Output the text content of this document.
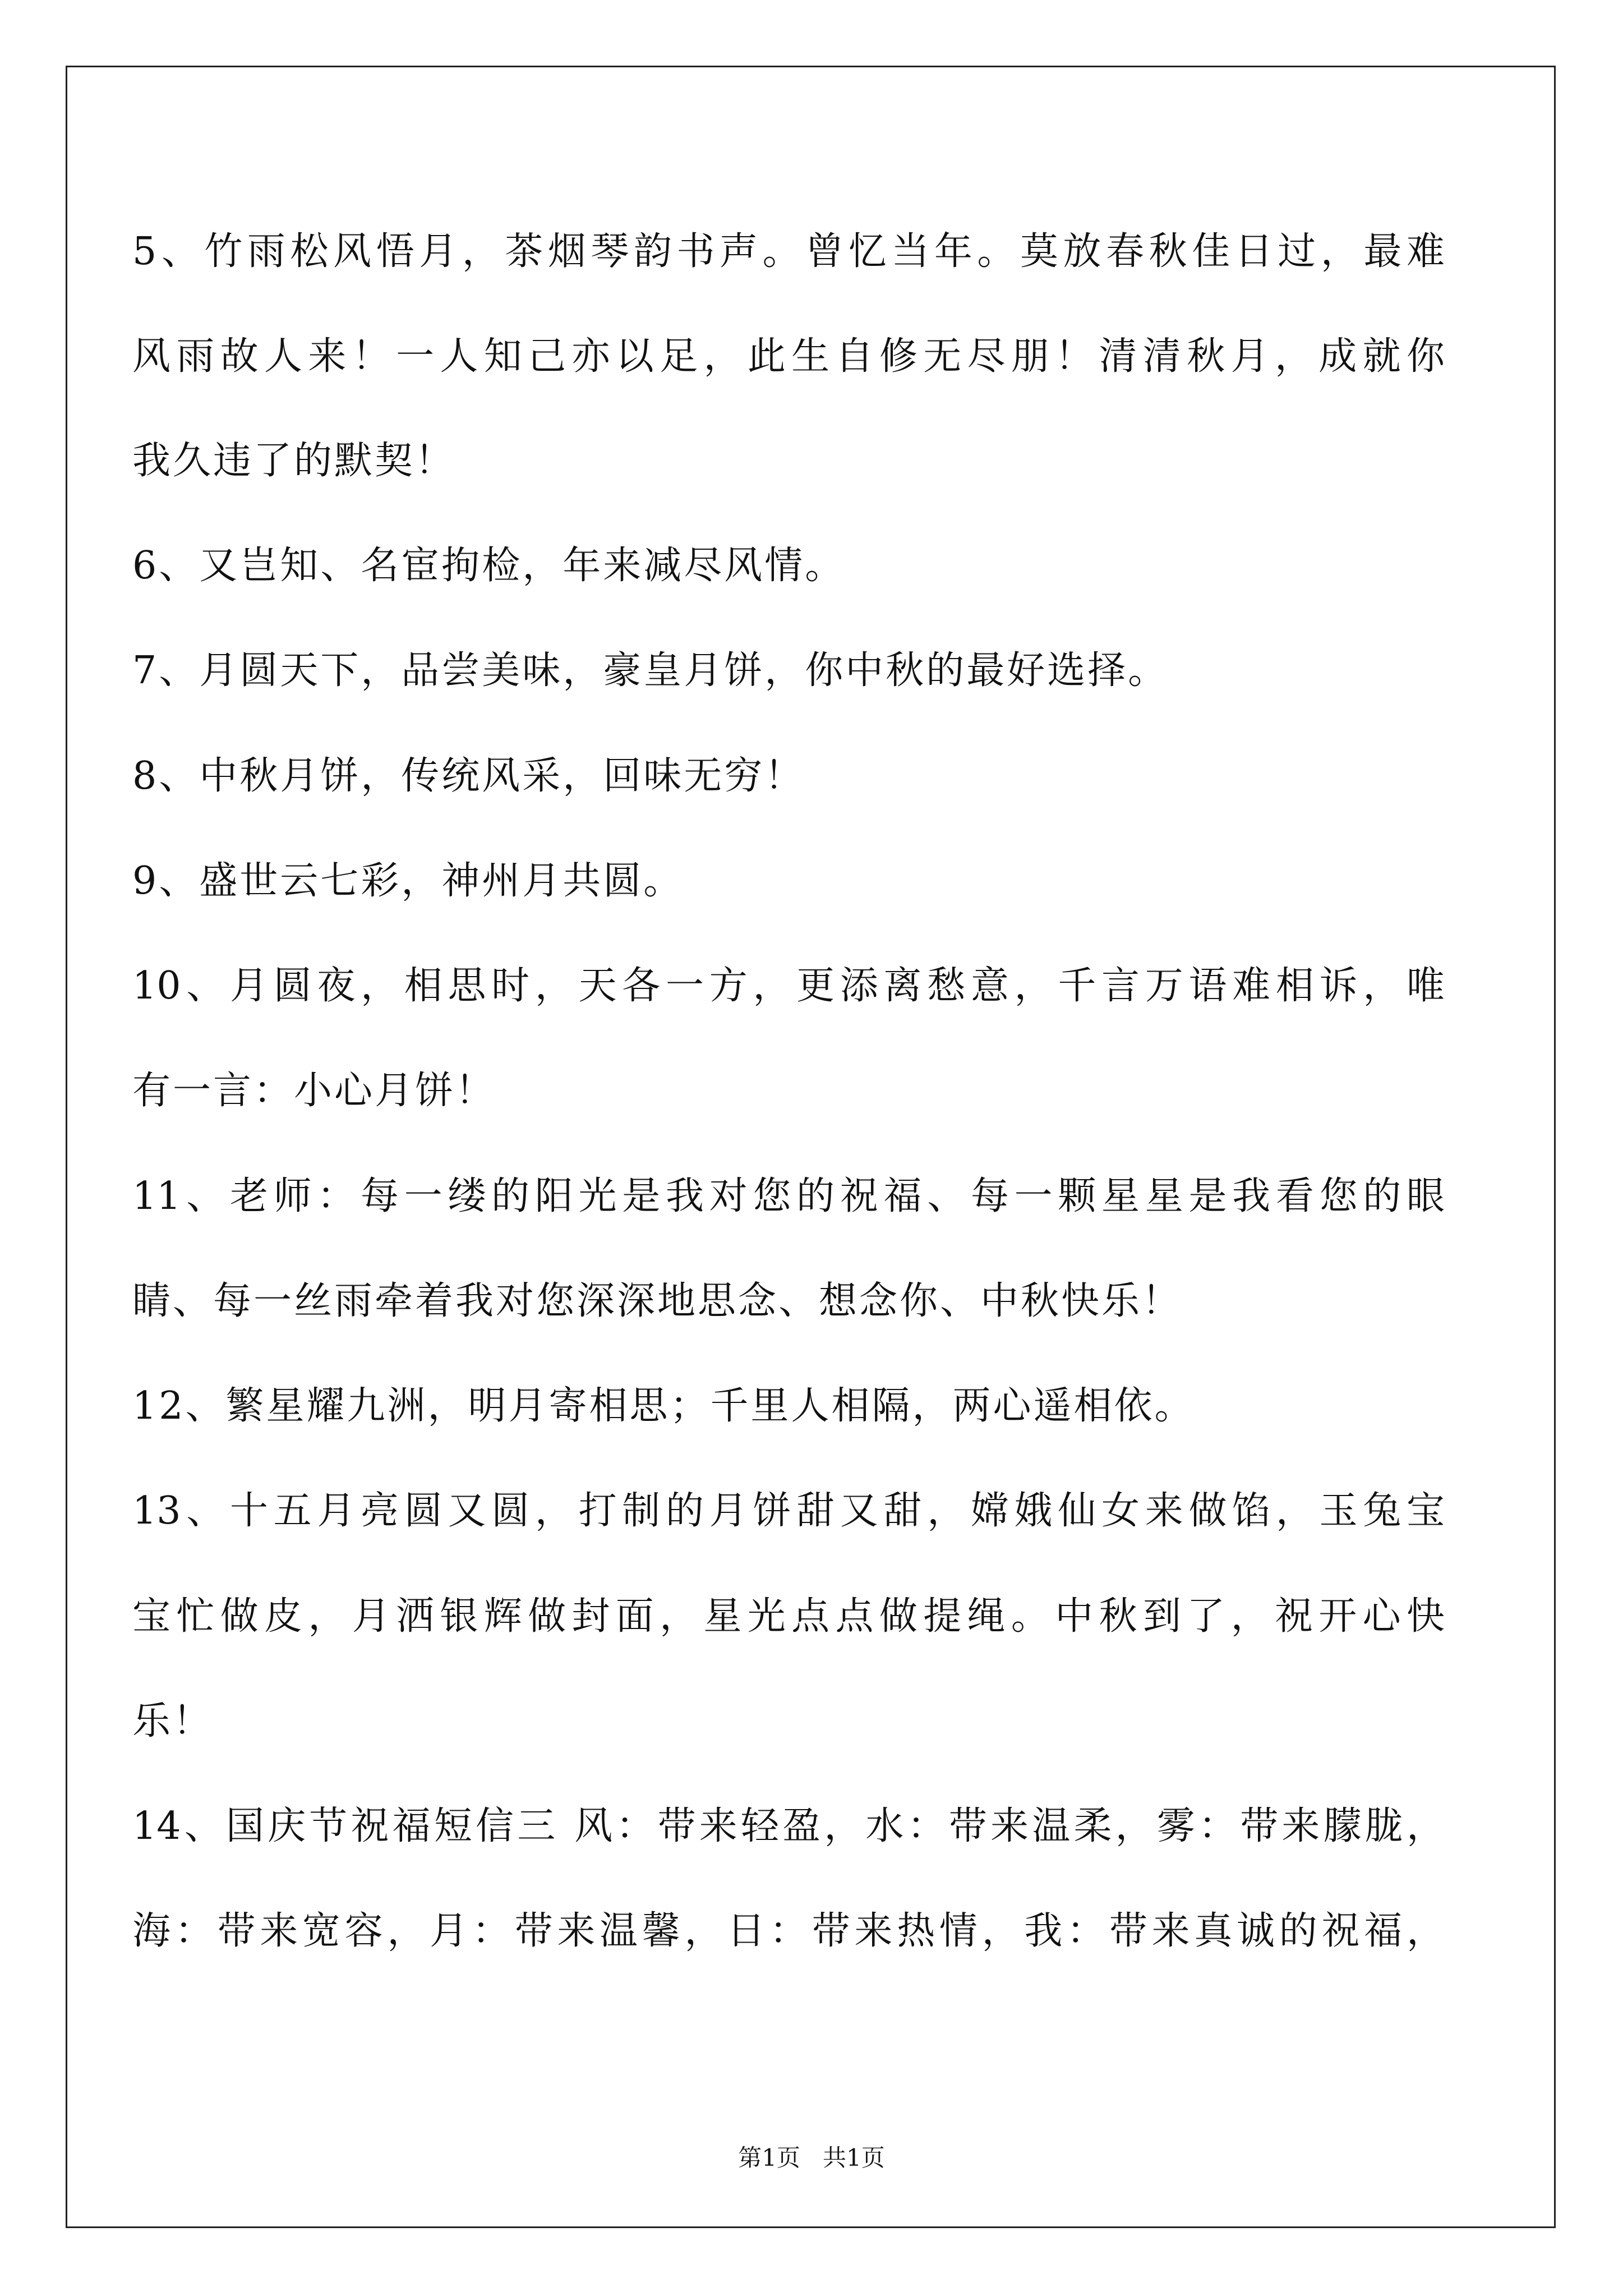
5、竹雨松风悟月，茶烟琴韵书声。曾忆当年。莫放春秋佳日过，最难
风雨故人来！一人知己亦以足，此生自修无尽朋！清清秋月，成就你
我久违了的默契！
6、又岂知、名宦拘检，年来减尽风情。
7、月圆天下，品尝美味，豪皇月饼，你中秋的最好选择。
8、中秋月饼，传统风采，回味无穷！
9、盛世云七彩，神州月共圆。
10、月圆夜，相思时，天各一方，更添离愁意，千言万语难相诉，唯
有一言：小心月饼！
11、老师：每一缕的阳光是我对您的祝福、每一颗星星是我看您的眼
睛、每一丝雨牵着我对您深深地思念、想念你、中秋快乐！
12、繁星耀九洲，明月寄相思；千里人相隔，两心遥相依。
13、十五月亮圆又圆，打制的月饼甜又甜，嫦娥仙女来做馅，玉兔宝
宝忙做皮，月洒银辉做封面，星光点点做提绳。中秋到了，祝开心快
乐！
14、国庆节祝福短信三 风：带来轻盈，水：带来温柔，雾：带来朦胧，
海：带来宽容，月：带来温馨，日：带来热情，我：带来真诚的祝福，
第1页   共1页
